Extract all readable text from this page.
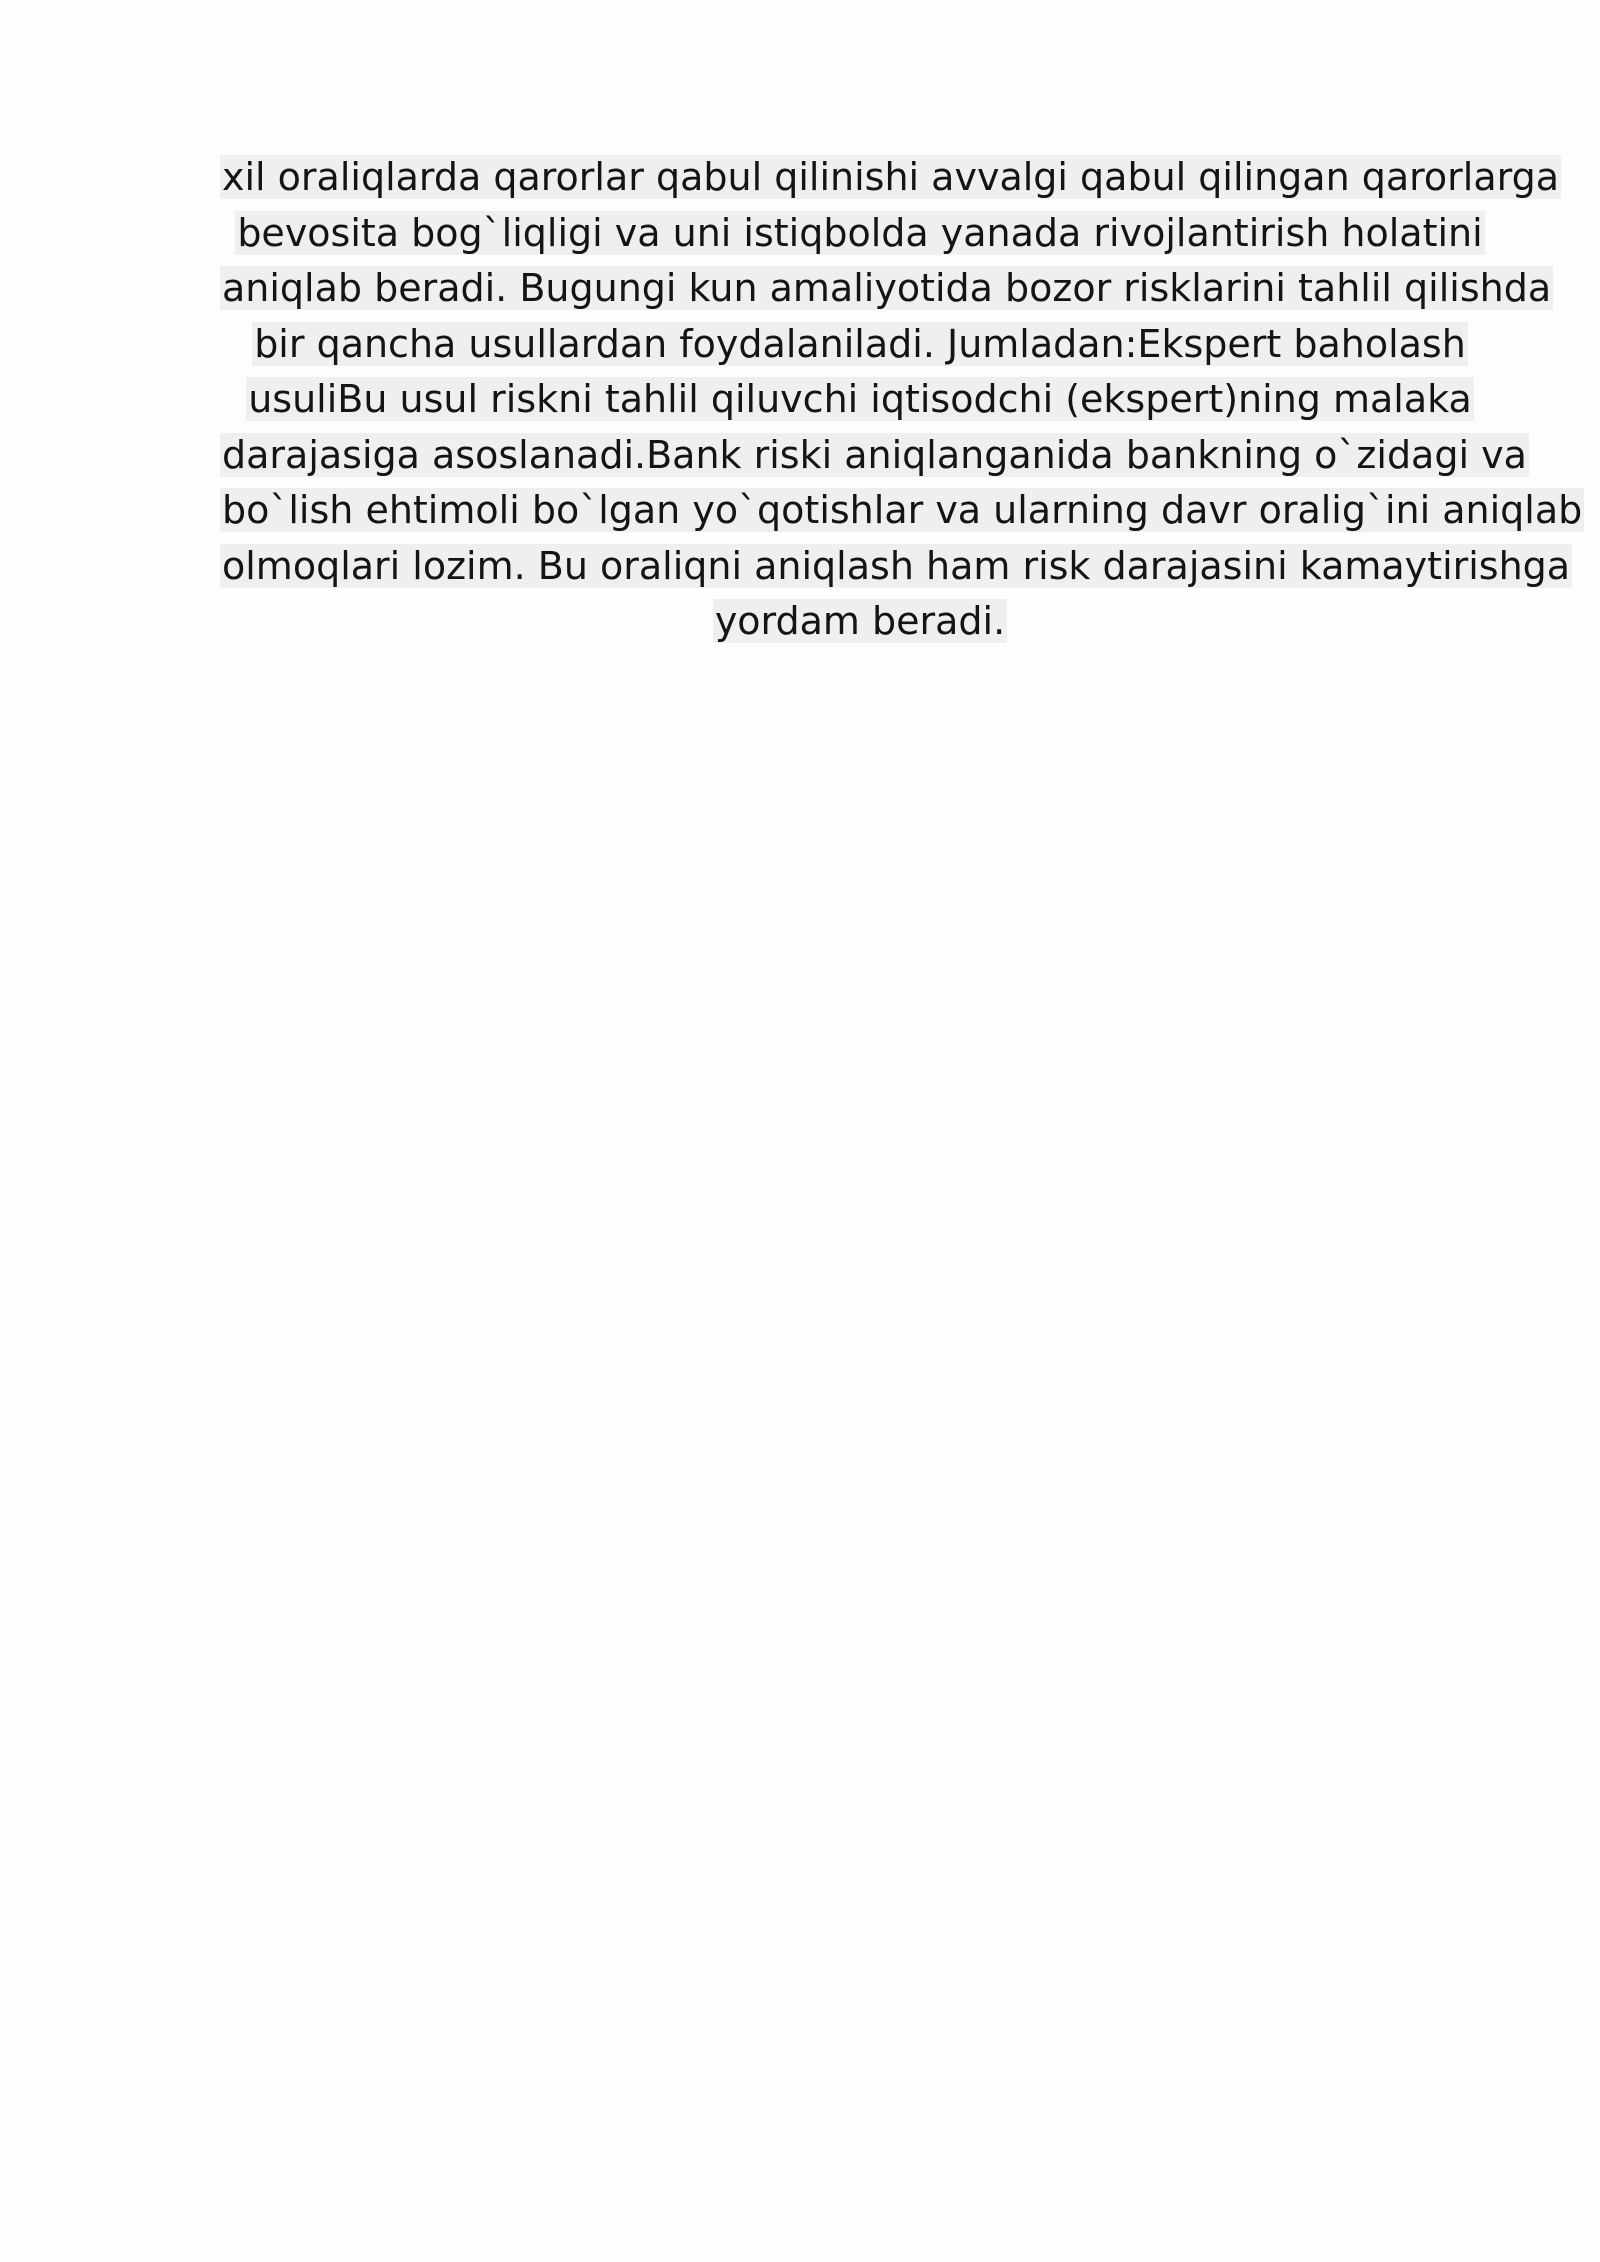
xil oraliqlarda qarorlar qabul qilinishi avvalgi qabul qilingan qarorlarga
bevosita bog`liqligi va uni istiqbolda yanada rivojlantirish holatini
aniqlab beradi. Bugungi kun amaliyotida bozor risklarini tahlil qilishda
bir qancha usullardan foydalaniladi. Jumladan:Ekspert baholash
usuliBu usul riskni tahlil qiluvchi iqtisodchi (ekspert)ning malaka
darajasiga asoslanadi.Bank riski aniqlanganida bankning o`zidagi va
bo`lish ehtimoli bo`lgan yo`qotishlar va ularning davr oralig`ini aniqlab
olmoqlari lozim. Bu oraliqni aniqlash ham risk darajasini kamaytirishga
yordam beradi.
